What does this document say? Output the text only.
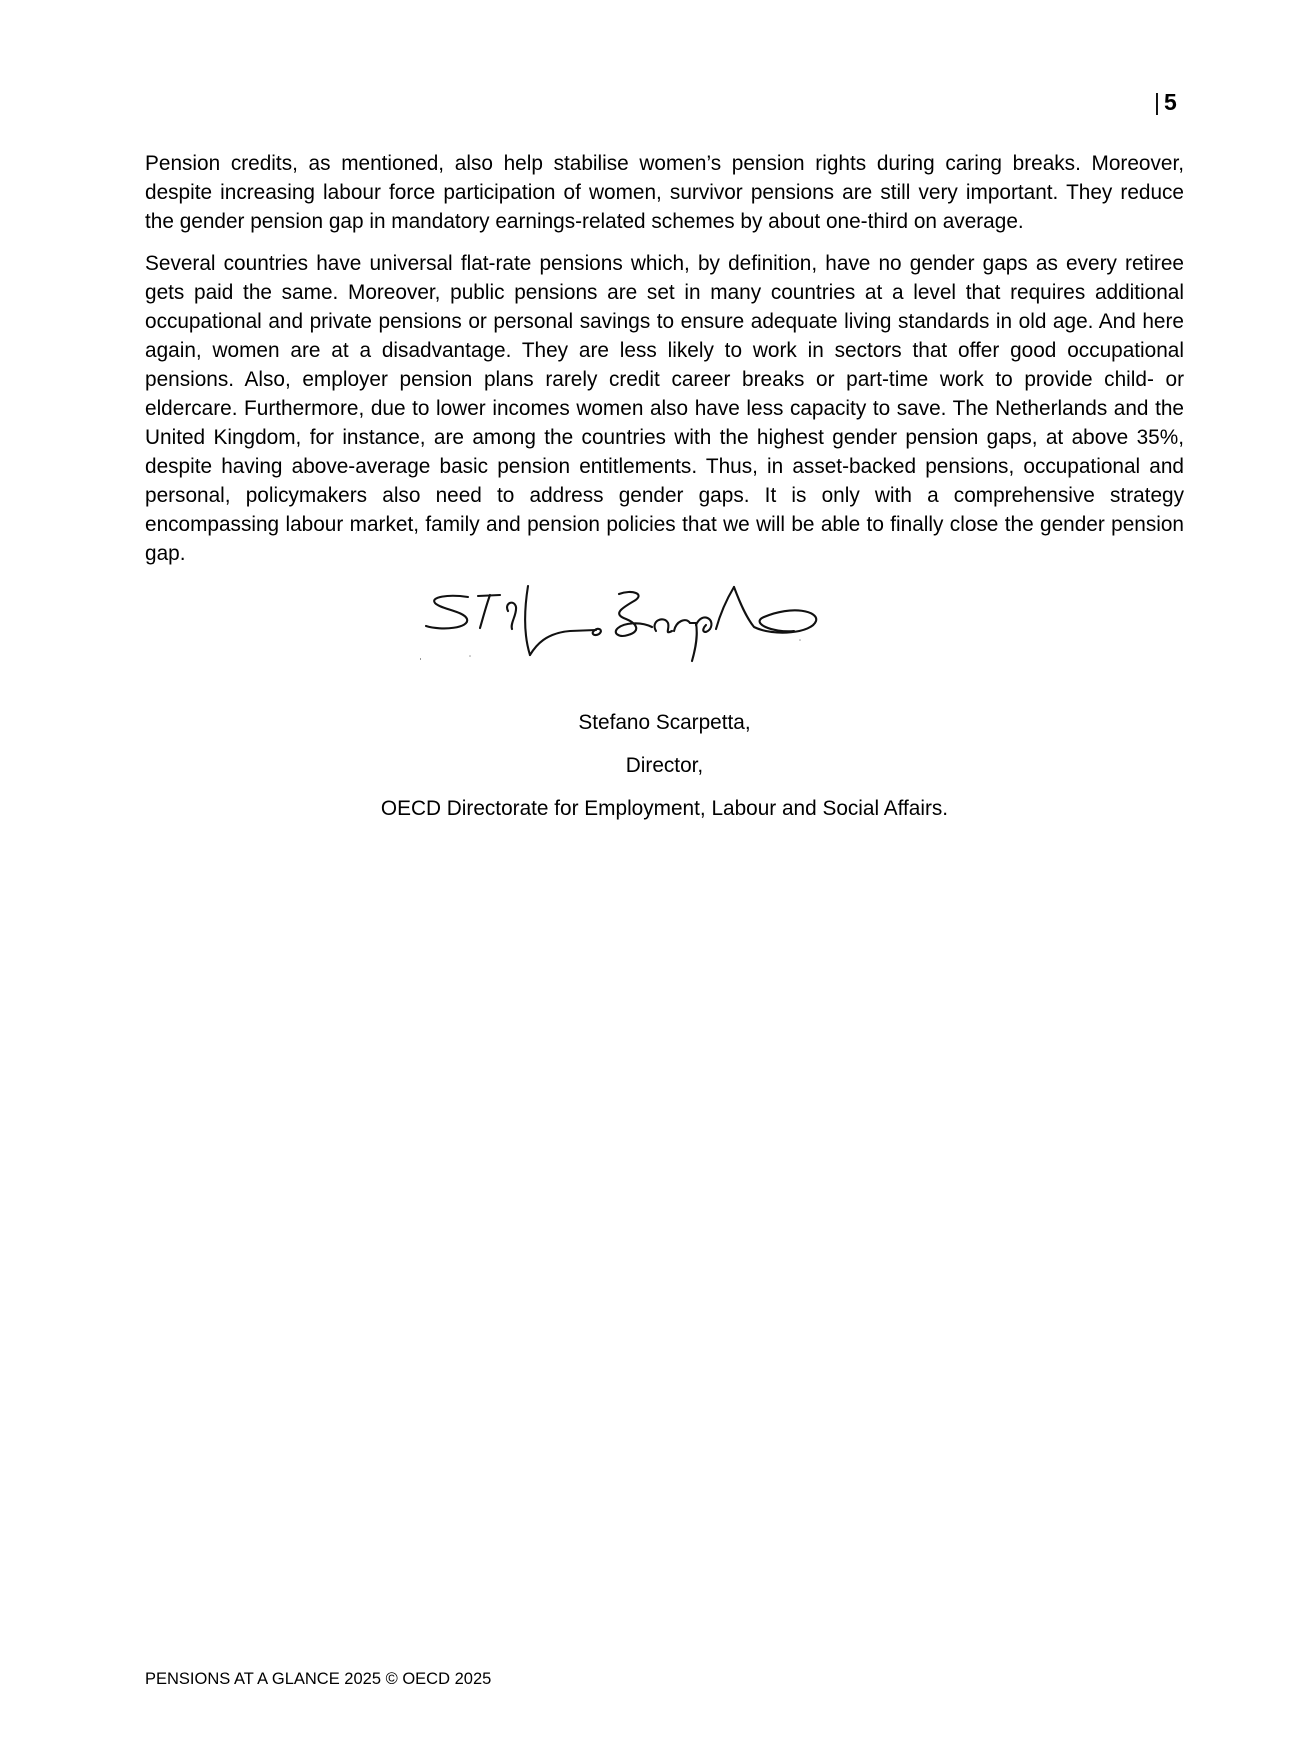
| 5

Pension credits, as mentioned, also help stabilise women’s pension rights during caring breaks. Moreover, despite increasing labour force participation of women, survivor pensions are still very important. They reduce the gender pension gap in mandatory earnings-related schemes by about one-third on average.

Several countries have universal flat-rate pensions which, by definition, have no gender gaps as every retiree gets paid the same. Moreover, public pensions are set in many countries at a level that requires additional occupational and private pensions or personal savings to ensure adequate living standards in old age. And here again, women are at a disadvantage. They are less likely to work in sectors that offer good occupational pensions. Also, employer pension plans rarely credit career breaks or part-time work to provide child- or eldercare. Furthermore, due to lower incomes women also have less capacity to save. The Netherlands and the United Kingdom, for instance, are among the countries with the highest gender pension gaps, at above 35%, despite having above-average basic pension entitlements. Thus, in asset-backed pensions, occupational and personal, policymakers also need to address gender gaps. It is only with a comprehensive strategy encompassing labour market, family and pension policies that we will be able to finally close the gender pension gap.

Stefano Scarpetta,
Director,
OECD Directorate for Employment, Labour and Social Affairs.
PENSIONS AT A GLANCE 2025 © OECD 2025
